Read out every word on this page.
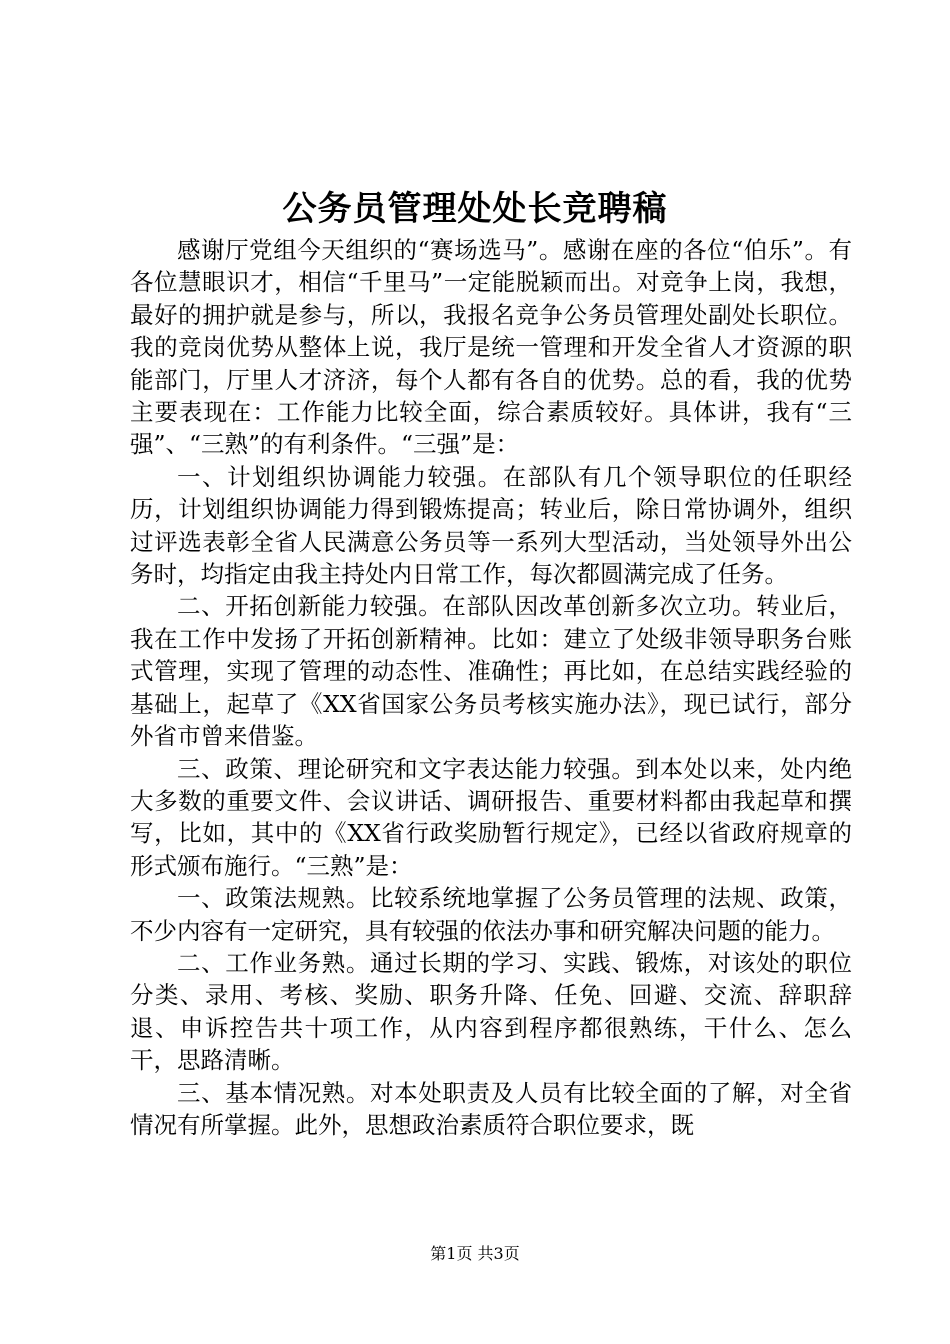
公务员管理处处长竞聘稿

感谢厅党组今天组织的“赛场选马”。感谢在座的各位“伯乐”。有各位慧眼识才，相信“千里马”一定能脱颖而出。对竞争上岗，我想，最好的拥护就是参与，所以，我报名竞争公务员管理处副处长职位。我的竞岗优势从整体上说，我厅是统一管理和开发全省人才资源的职能部门，厅里人才济济，每个人都有各自的优势。总的看，我的优势主要表现在：工作能力比较全面，综合素质较好。具体讲，我有“三强”、“三熟”的有利条件。“三强”是：

一、计划组织协调能力较强。在部队有几个领导职位的任职经历，计划组织协调能力得到锻炼提高；转业后，除日常协调外，组织过评选表彰全省人民满意公务员等一系列大型活动，当处领导外出公务时，均指定由我主持处内日常工作，每次都圆满完成了任务。

二、开拓创新能力较强。在部队因改革创新多次立功。转业后，我在工作中发扬了开拓创新精神。比如：建立了处级非领导职务台账式管理，实现了管理的动态性、准确性；再比如，在总结实践经验的基础上，起草了《XX省国家公务员考核实施办法》，现已试行，部分外省市曾来借鉴。

三、政策、理论研究和文字表达能力较强。到本处以来，处内绝大多数的重要文件、会议讲话、调研报告、重要材料都由我起草和撰写，比如，其中的《XX省行政奖励暂行规定》，已经以省政府规章的形式颁布施行。“三熟”是：

一、政策法规熟。比较系统地掌握了公务员管理的法规、政策，不少内容有一定研究，具有较强的依法办事和研究解决问题的能力。

二、工作业务熟。通过长期的学习、实践、锻炼，对该处的职位分类、录用、考核、奖励、职务升降、任免、回避、交流、辞职辞退、申诉控告共十项工作，从内容到程序都很熟练，干什么、怎么干，思路清晰。

三、基本情况熟。对本处职责及人员有比较全面的了解，对全省情况有所掌握。此外，思想政治素质符合职位要求，既

第1页 共3页
